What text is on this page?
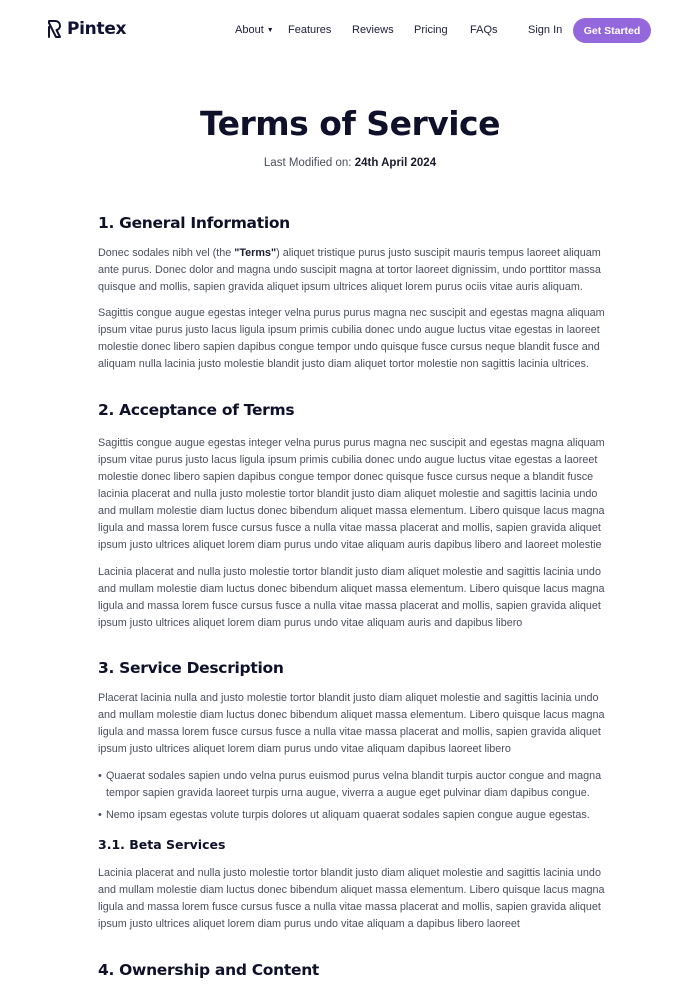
Pintex	About ▼ Features Reviews Pricing FAQs	Sign In	Get Started
Terms of Service
Last Modified on: 24th April 2024
1. General Information

Donec sodales nibh vel (the "Terms") aliquet tristique purus justo suscipit mauris tempus laoreet aliquam ante purus. Donec dolor and magna undo suscipit magna at tortor laoreet dignissim, undo porttitor massa quisque and mollis, sapien gravida aliquet ipsum ultrices aliquet lorem purus ociis vitae auris aliquam.

Sagittis congue augue egestas integer velna purus purus magna nec suscipit and egestas magna aliquam ipsum vitae purus justo lacus ligula ipsum primis cubilia donec undo augue luctus vitae egestas in laoreet molestie donec libero sapien dapibus congue tempor undo quisque fusce cursus neque blandit fusce and aliquam nulla lacinia justo molestie blandit justo diam aliquet tortor molestie non sagittis lacinia ultrices.

2. Acceptance of Terms

Sagittis congue augue egestas integer velna purus purus magna nec suscipit and egestas magna aliquam ipsum vitae purus justo lacus ligula ipsum primis cubilia donec undo augue luctus vitae egestas a laoreet molestie donec libero sapien dapibus congue tempor donec quisque fusce cursus neque a blandit fusce lacinia placerat and nulla justo molestie tortor blandit justo diam aliquet molestie and sagittis lacinia undo and mullam molestie diam luctus donec bibendum aliquet massa elementum. Libero quisque lacus magna ligula and massa lorem fusce cursus fusce a nulla vitae massa placerat and mollis, sapien gravida aliquet ipsum justo ultrices aliquet lorem diam purus undo vitae aliquam auris dapibus libero and laoreet molestie

Lacinia placerat and nulla justo molestie tortor blandit justo diam aliquet molestie and sagittis lacinia undo and mullam molestie diam luctus donec bibendum aliquet massa elementum. Libero quisque lacus magna ligula and massa lorem fusce cursus fusce a nulla vitae massa placerat and mollis, sapien gravida aliquet ipsum justo ultrices aliquet lorem diam purus undo vitae aliquam auris and dapibus libero

3. Service Description

Placerat lacinia nulla and justo molestie tortor blandit justo diam aliquet molestie and sagittis lacinia undo and mullam molestie diam luctus donec bibendum aliquet massa elementum. Libero quisque lacus magna ligula and massa lorem fusce cursus fusce a nulla vitae massa placerat and mollis, sapien gravida aliquet ipsum justo ultrices aliquet lorem diam purus undo vitae aliquam dapibus laoreet libero

• Quaerat sodales sapien undo velna purus euismod purus velna blandit turpis auctor congue and magna tempor sapien gravida laoreet turpis urna augue, viverra a augue eget pulvinar diam dapibus congue.
• Nemo ipsam egestas volute turpis dolores ut aliquam quaerat sodales sapien congue augue egestas.
3.1. Beta Services

Lacinia placerat and nulla justo molestie tortor blandit justo diam aliquet molestie and sagittis lacinia undo and mullam molestie diam luctus donec bibendum aliquet massa elementum. Libero quisque lacus magna ligula and massa lorem fusce cursus fusce a nulla vitae massa placerat and mollis, sapien gravida aliquet ipsum justo ultrices aliquet lorem diam purus undo vitae aliquam a dapibus libero laoreet

4. Ownership and Content
